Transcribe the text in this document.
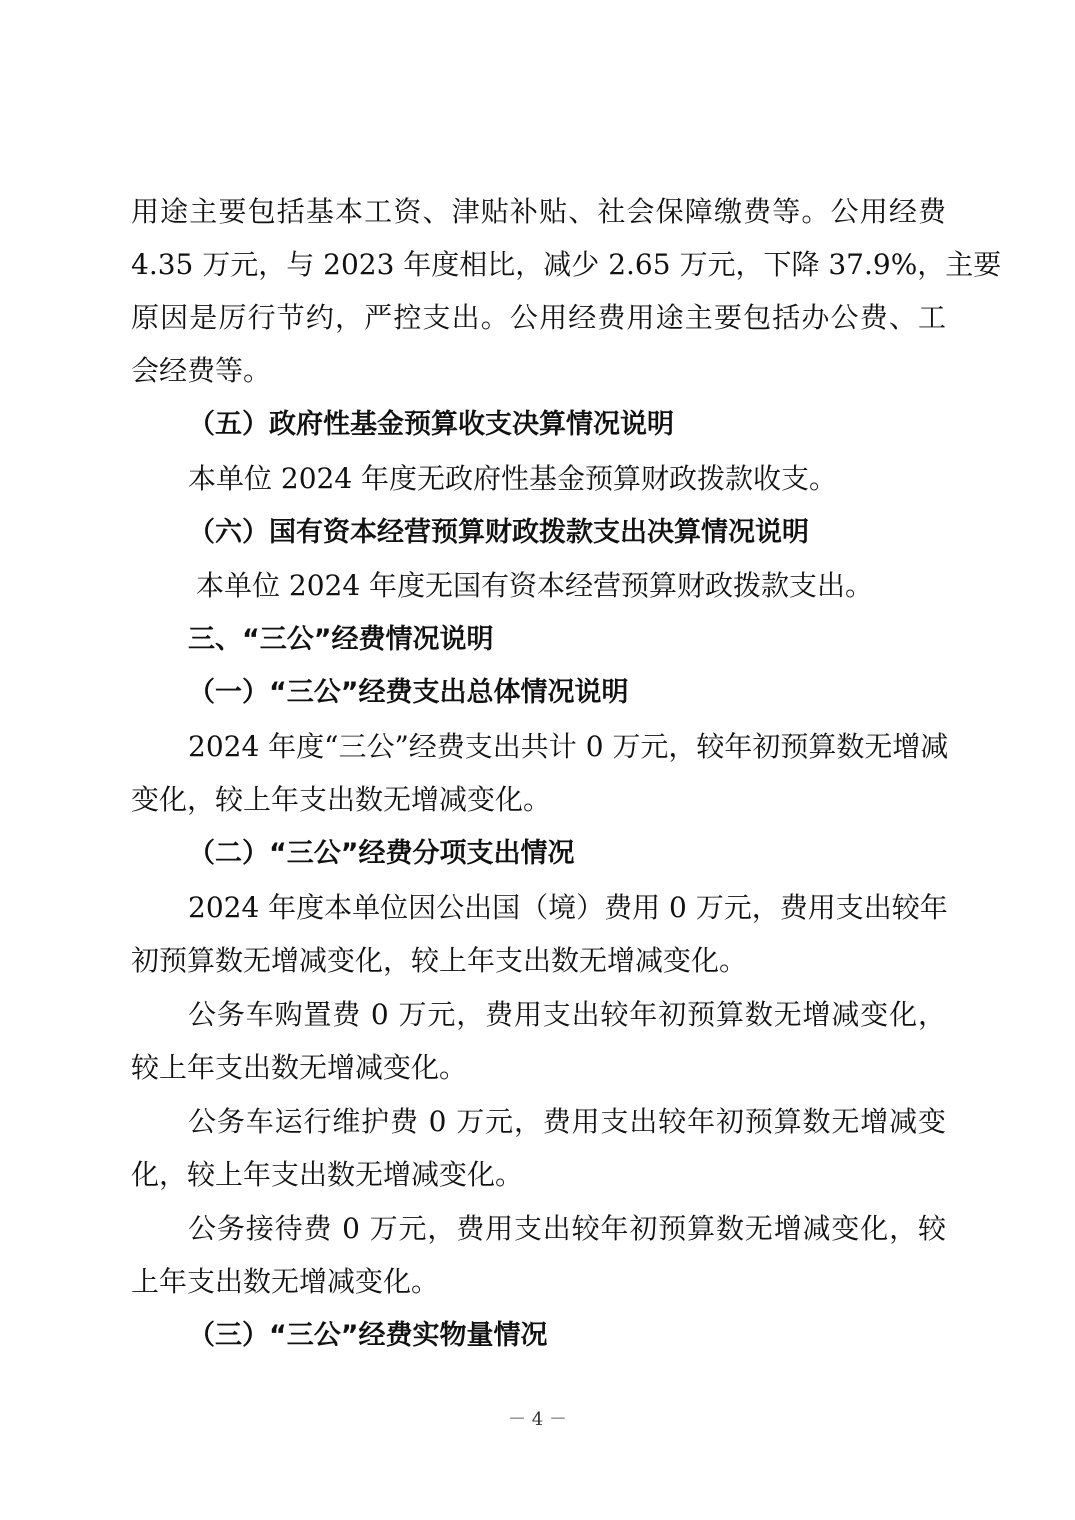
用途主要包括基本工资、津贴补贴、社会保障缴费等。公用经费
4.35 万元，与 2023 年度相比，减少 2.65 万元，下降 37.9%，主要
原因是厉行节约，严控支出。公用经费用途主要包括办公费、工
会经费等。
（五）政府性基金预算收支决算情况说明
本单位 2024 年度无政府性基金预算财政拨款收支。
（六）国有资本经营预算财政拨款支出决算情况说明
本单位 2024 年度无国有资本经营预算财政拨款支出。
三、“三公”经费情况说明
（一）“三公”经费支出总体情况说明
2024 年度“三公”经费支出共计 0 万元，较年初预算数无增减
变化，较上年支出数无增减变化。
（二）“三公”经费分项支出情况
2024 年度本单位因公出国（境）费用 0 万元，费用支出较年
初预算数无增减变化，较上年支出数无增减变化。
公务车购置费 0 万元，费用支出较年初预算数无增减变化，
较上年支出数无增减变化。
公务车运行维护费 0 万元，费用支出较年初预算数无增减变
化，较上年支出数无增减变化。
公务接待费 0 万元，费用支出较年初预算数无增减变化，较
上年支出数无增减变化。
（三）“三公”经费实物量情况
－ 4 －
